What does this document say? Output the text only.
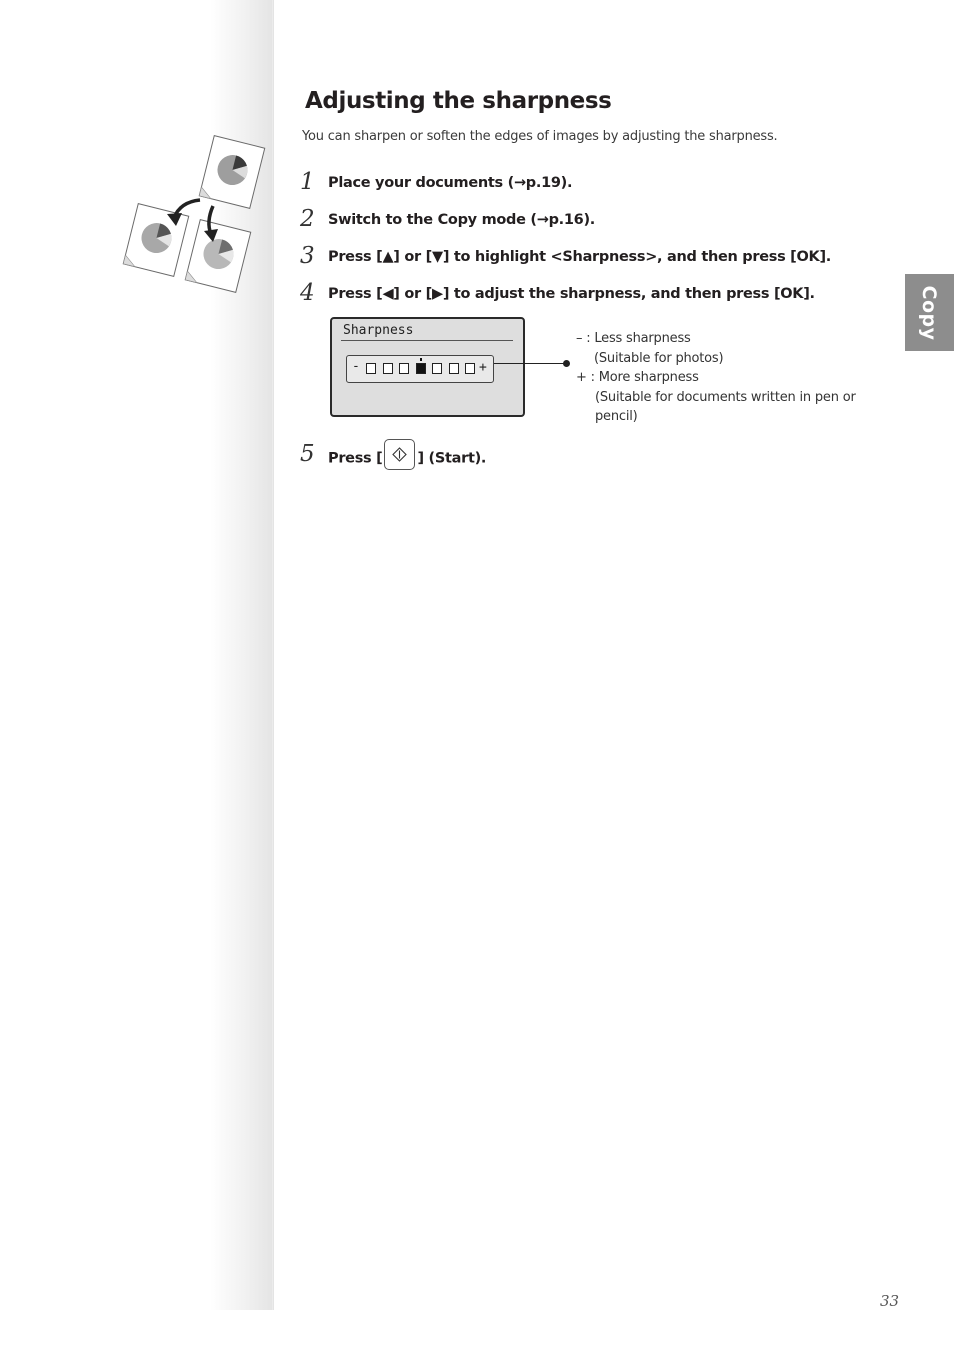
Adjusting the sharpness
You can sharpen or soften the edges of images by adjusting the sharpness.
1 Place your documents (→p.19).
2 Switch to the Copy mode (→p.16).
3 Press [▲] or [▼] to highlight <Sharpness>, and then press [OK].
4 Press [◀] or [▶] to adjust the sharpness, and then press [OK].
Sharpness
-	+
– : Less sharpness
(Suitable for photos)
+ : More sharpness
(Suitable for documents written in pen or pencil)
5 Press [ ] (Start).
Copy
33
